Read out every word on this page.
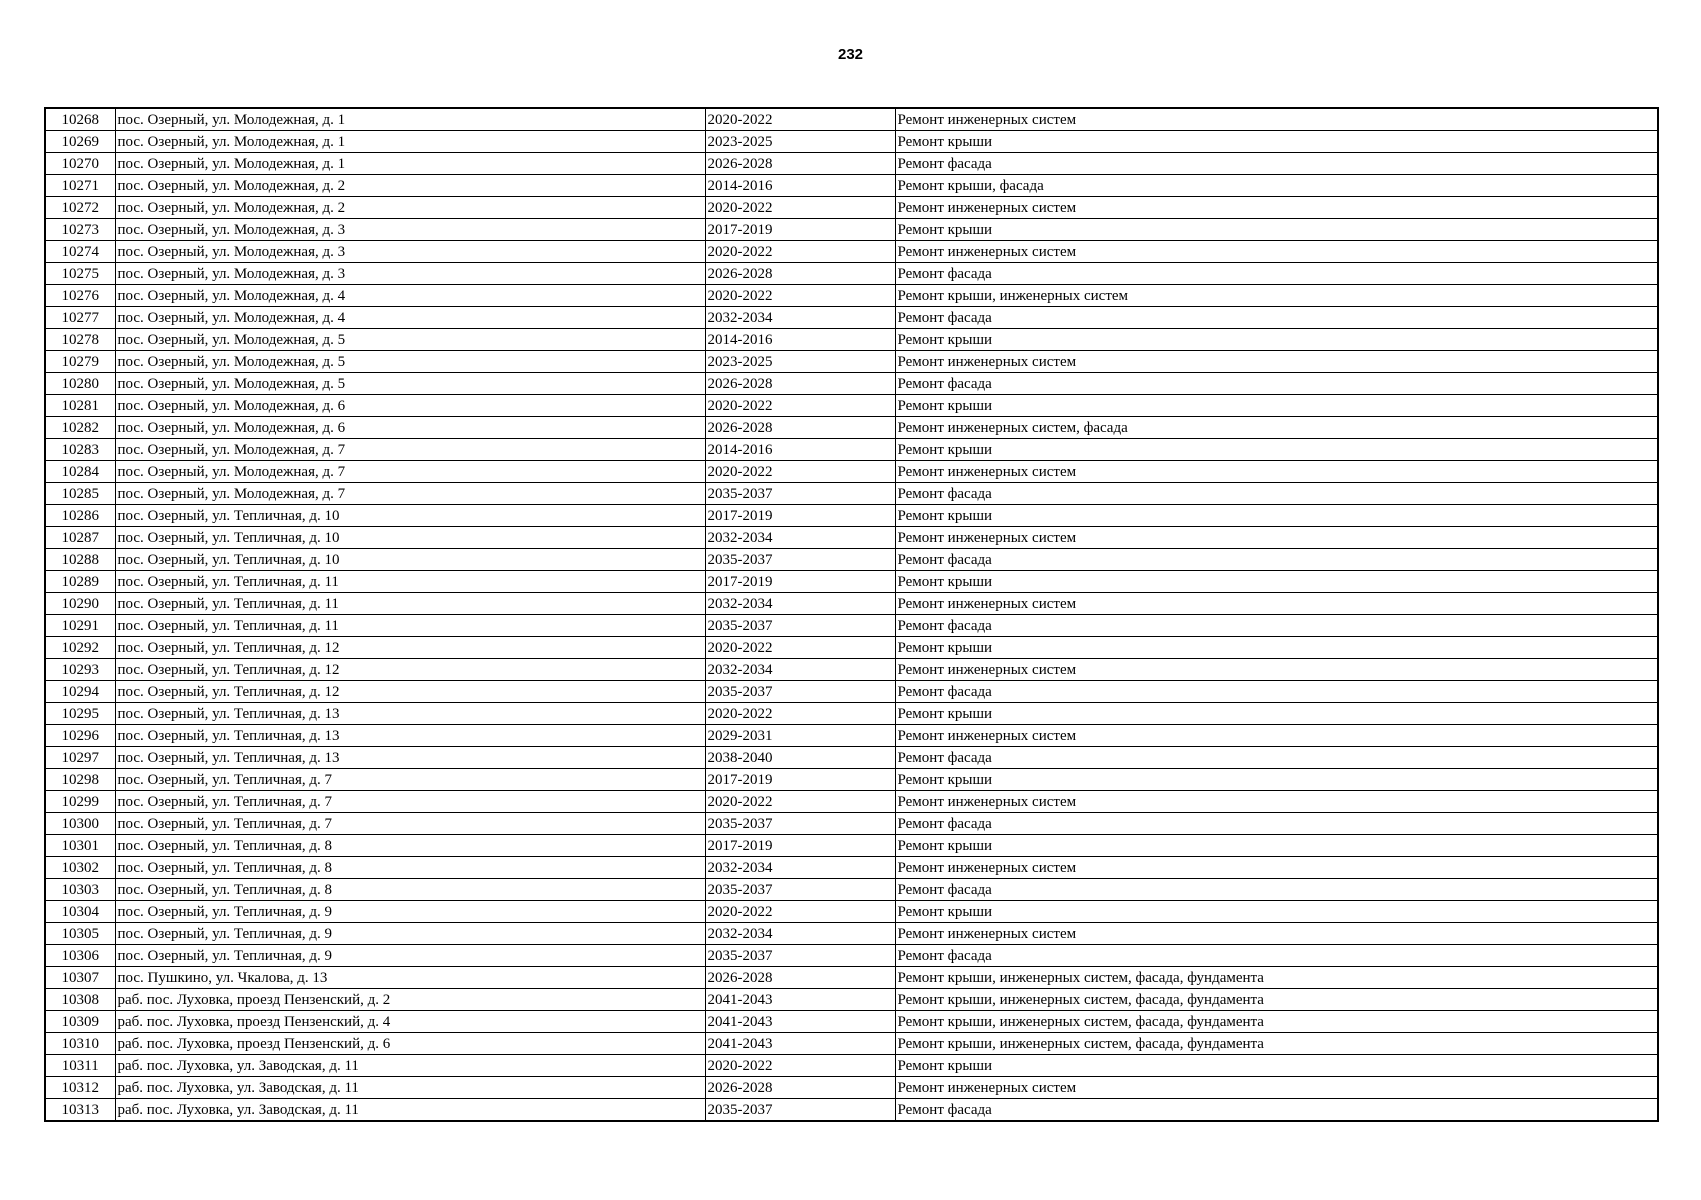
232
10268	пос. Озерный, ул. Молодежная, д. 1	2020-2022	Ремонт инженерных систем
10269	пос. Озерный, ул. Молодежная, д. 1	2023-2025	Ремонт крыши
10270	пос. Озерный, ул. Молодежная, д. 1	2026-2028	Ремонт фасада
10271	пос. Озерный, ул. Молодежная, д. 2	2014-2016	Ремонт крыши, фасада
10272	пос. Озерный, ул. Молодежная, д. 2	2020-2022	Ремонт инженерных систем
10273	пос. Озерный, ул. Молодежная, д. 3	2017-2019	Ремонт крыши
10274	пос. Озерный, ул. Молодежная, д. 3	2020-2022	Ремонт инженерных систем
10275	пос. Озерный, ул. Молодежная, д. 3	2026-2028	Ремонт фасада
10276	пос. Озерный, ул. Молодежная, д. 4	2020-2022	Ремонт крыши, инженерных систем
10277	пос. Озерный, ул. Молодежная, д. 4	2032-2034	Ремонт фасада
10278	пос. Озерный, ул. Молодежная, д. 5	2014-2016	Ремонт крыши
10279	пос. Озерный, ул. Молодежная, д. 5	2023-2025	Ремонт инженерных систем
10280	пос. Озерный, ул. Молодежная, д. 5	2026-2028	Ремонт фасада
10281	пос. Озерный, ул. Молодежная, д. 6	2020-2022	Ремонт крыши
10282	пос. Озерный, ул. Молодежная, д. 6	2026-2028	Ремонт инженерных систем, фасада
10283	пос. Озерный, ул. Молодежная, д. 7	2014-2016	Ремонт крыши
10284	пос. Озерный, ул. Молодежная, д. 7	2020-2022	Ремонт инженерных систем
10285	пос. Озерный, ул. Молодежная, д. 7	2035-2037	Ремонт фасада
10286	пос. Озерный, ул. Тепличная, д. 10	2017-2019	Ремонт крыши
10287	пос. Озерный, ул. Тепличная, д. 10	2032-2034	Ремонт инженерных систем
10288	пос. Озерный, ул. Тепличная, д. 10	2035-2037	Ремонт фасада
10289	пос. Озерный, ул. Тепличная, д. 11	2017-2019	Ремонт крыши
10290	пос. Озерный, ул. Тепличная, д. 11	2032-2034	Ремонт инженерных систем
10291	пос. Озерный, ул. Тепличная, д. 11	2035-2037	Ремонт фасада
10292	пос. Озерный, ул. Тепличная, д. 12	2020-2022	Ремонт крыши
10293	пос. Озерный, ул. Тепличная, д. 12	2032-2034	Ремонт инженерных систем
10294	пос. Озерный, ул. Тепличная, д. 12	2035-2037	Ремонт фасада
10295	пос. Озерный, ул. Тепличная, д. 13	2020-2022	Ремонт крыши
10296	пос. Озерный, ул. Тепличная, д. 13	2029-2031	Ремонт инженерных систем
10297	пос. Озерный, ул. Тепличная, д. 13	2038-2040	Ремонт фасада
10298	пос. Озерный, ул. Тепличная, д. 7	2017-2019	Ремонт крыши
10299	пос. Озерный, ул. Тепличная, д. 7	2020-2022	Ремонт инженерных систем
10300	пос. Озерный, ул. Тепличная, д. 7	2035-2037	Ремонт фасада
10301	пос. Озерный, ул. Тепличная, д. 8	2017-2019	Ремонт крыши
10302	пос. Озерный, ул. Тепличная, д. 8	2032-2034	Ремонт инженерных систем
10303	пос. Озерный, ул. Тепличная, д. 8	2035-2037	Ремонт фасада
10304	пос. Озерный, ул. Тепличная, д. 9	2020-2022	Ремонт крыши
10305	пос. Озерный, ул. Тепличная, д. 9	2032-2034	Ремонт инженерных систем
10306	пос. Озерный, ул. Тепличная, д. 9	2035-2037	Ремонт фасада
10307	пос. Пушкино, ул. Чкалова, д. 13	2026-2028	Ремонт крыши, инженерных систем, фасада, фундамента
10308	раб. пос. Луховка, проезд Пензенский, д. 2	2041-2043	Ремонт крыши, инженерных систем, фасада, фундамента
10309	раб. пос. Луховка, проезд Пензенский, д. 4	2041-2043	Ремонт крыши, инженерных систем, фасада, фундамента
10310	раб. пос. Луховка, проезд Пензенский, д. 6	2041-2043	Ремонт крыши, инженерных систем, фасада, фундамента
10311	раб. пос. Луховка, ул. Заводская, д. 11	2020-2022	Ремонт крыши
10312	раб. пос. Луховка, ул. Заводская, д. 11	2026-2028	Ремонт инженерных систем
10313	раб. пос. Луховка, ул. Заводская, д. 11	2035-2037	Ремонт фасада
